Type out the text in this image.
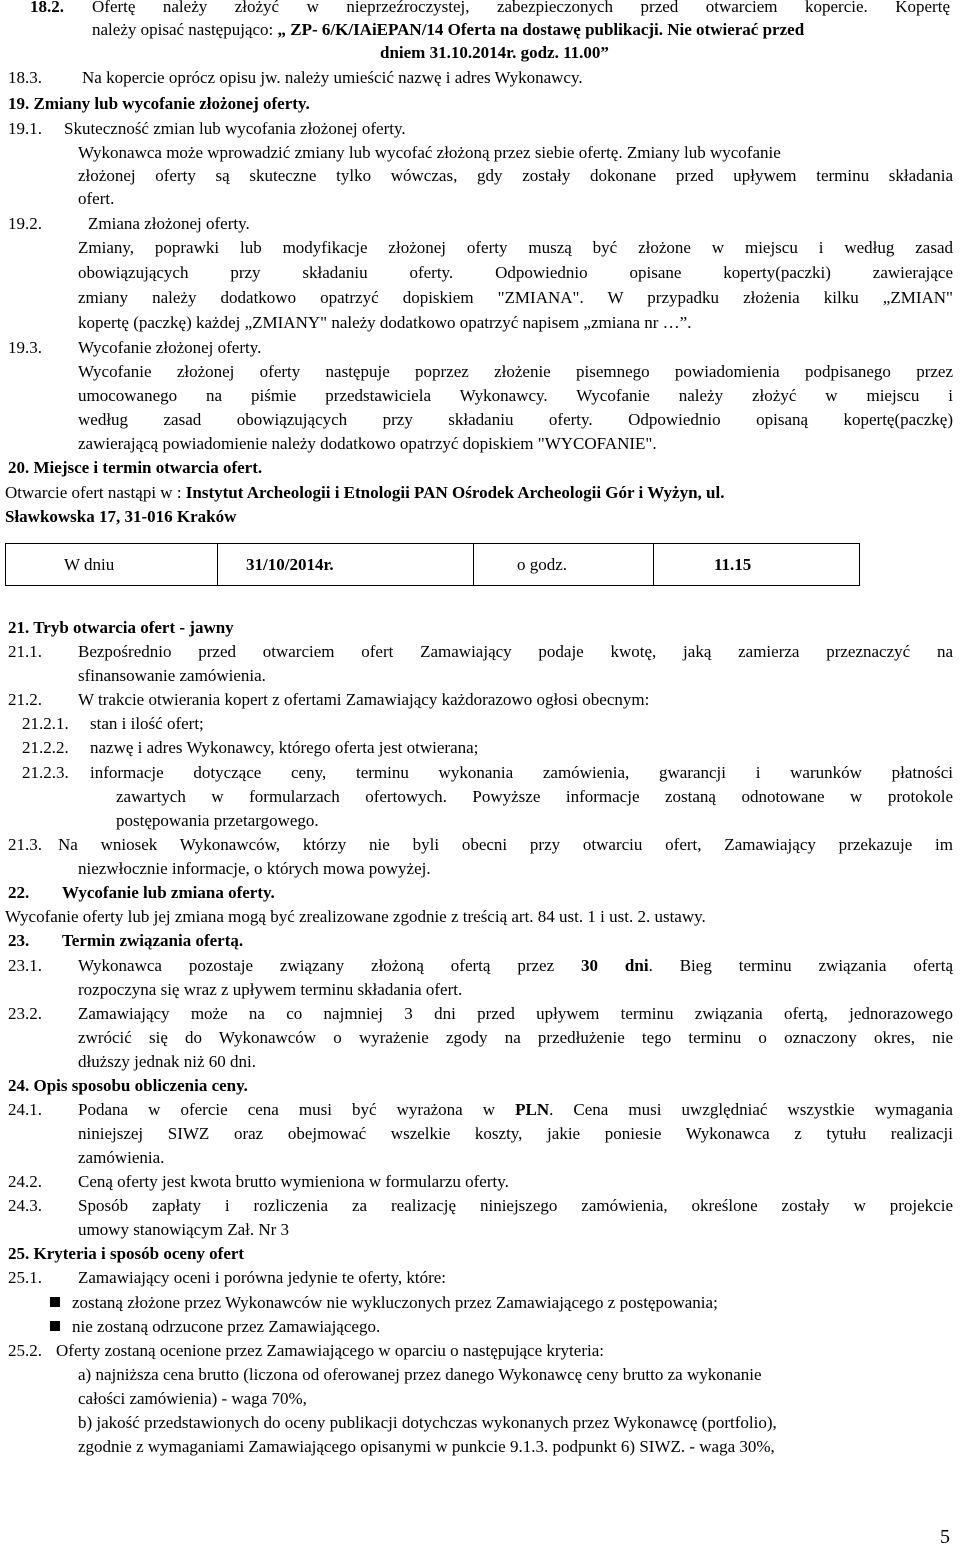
18.2. Ofertę należy złożyć w nieprzeźroczystej, zabezpieczonych przed otwarciem kopercie. Kopertę
należy opisać następująco: „ ZP- 6/K/IAiEPAN/14 Oferta na dostawę publikacji. Nie otwierać przed
dniem 31.10.2014r. godz. 11.00”
18.3. Na kopercie oprócz opisu jw. należy umieścić nazwę i adres Wykonawcy.
19. Zmiany lub wycofanie złożonej oferty.
19.1. Skuteczność zmian lub wycofania złożonej oferty.
Wykonawca może wprowadzić zmiany lub wycofać złożoną przez siebie ofertę. Zmiany lub wycofanie
złożonej oferty są skuteczne tylko wówczas, gdy zostały dokonane przed upływem terminu składania
ofert.
19.2.	Zmiana złożonej oferty.
Zmiany, poprawki lub modyfikacje złożonej oferty muszą być złożone w miejscu i według zasad
obowiązujących przy składaniu oferty. Odpowiednio opisane koperty(paczki) zawierające
zmiany należy dodatkowo opatrzyć dopiskiem "ZMIANA". W przypadku złożenia kilku „ZMIAN"
kopertę (paczkę) każdej „ZMIANY" należy dodatkowo opatrzyć napisem „zmiana nr …”.
19.3. Wycofanie złożonej oferty.
Wycofanie złożonej oferty następuje poprzez złożenie pisemnego powiadomienia podpisanego przez
umocowanego na piśmie przedstawiciela Wykonawcy. Wycofanie należy złożyć w miejscu i
według zasad obowiązujących przy składaniu oferty. Odpowiednio opisaną kopertę(paczkę)
zawierającą powiadomienie należy dodatkowo opatrzyć dopiskiem "WYCOFANIE".
20. Miejsce i termin otwarcia ofert.
Otwarcie ofert nastąpi w : Instytut Archeologii i Etnologii PAN Ośrodek Archeologii Gór i Wyżyn, ul.
Sławkowska 17, 31-016 Kraków
W dniu	31/10/2014r.	o godz.	11.15
21. Tryb otwarcia ofert - jawny
21.1. Bezpośrednio przed otwarciem ofert Zamawiający podaje kwotę, jaką zamierza przeznaczyć na
sfinansowanie zamówienia.
21.2. W trakcie otwierania kopert z ofertami Zamawiający każdorazowo ogłosi obecnym:
21.2.1. stan i ilość ofert;
21.2.2. nazwę i adres Wykonawcy, którego oferta jest otwierana;
21.2.3. informacje dotyczące ceny, terminu wykonania zamówienia, gwarancji i warunków płatności
zawartych w formularzach ofertowych. Powyższe informacje zostaną odnotowane w protokole
postępowania przetargowego.
21.3. Na wniosek Wykonawców, którzy nie byli obecni przy otwarciu ofert, Zamawiający przekazuje im
niezwłocznie informacje, o których mowa powyżej.
22. Wycofanie lub zmiana oferty.
Wycofanie oferty lub jej zmiana mogą być zrealizowane zgodnie z treścią art. 84 ust. 1 i ust. 2. ustawy.
23. Termin związania ofertą.
23.1. Wykonawca pozostaje związany złożoną ofertą przez 30 dni. Bieg terminu związania ofertą
rozpoczyna się wraz z upływem terminu składania ofert.
23.2. Zamawiający może na co najmniej 3 dni przed upływem terminu związania ofertą, jednorazowego
zwrócić się do Wykonawców o wyrażenie zgody na przedłużenie tego terminu o oznaczony okres, nie
dłuższy jednak niż 60 dni.
24. Opis sposobu obliczenia ceny.
24.1. Podana w ofercie cena musi być wyrażona w PLN. Cena musi uwzględniać wszystkie wymagania
niniejszej SIWZ oraz obejmować wszelkie koszty, jakie poniesie Wykonawca z tytułu realizacji
zamówienia.
24.2. Ceną oferty jest kwota brutto wymieniona w formularzu oferty.
24.3. Sposób zapłaty i rozliczenia za realizację niniejszego zamówienia, określone zostały w projekcie
umowy stanowiącym Zał. Nr 3
25. Kryteria i sposób oceny ofert
25.1. Zamawiający oceni i porówna jedynie te oferty, które:
zostaną złożone przez Wykonawców nie wykluczonych przez Zamawiającego z postępowania;
nie zostaną odrzucone przez Zamawiającego.
25.2. Oferty zostaną ocenione przez Zamawiającego w oparciu o następujące kryteria:
a) najniższa cena brutto (liczona od oferowanej przez danego Wykonawcę ceny brutto za wykonanie
całości zamówienia) - waga 70%,
b) jakość przedstawionych do oceny publikacji dotychczas wykonanych przez Wykonawcę (portfolio),
zgodnie z wymaganiami Zamawiającego opisanymi w punkcie 9.1.3. podpunkt 6) SIWZ. - waga 30%,
5
